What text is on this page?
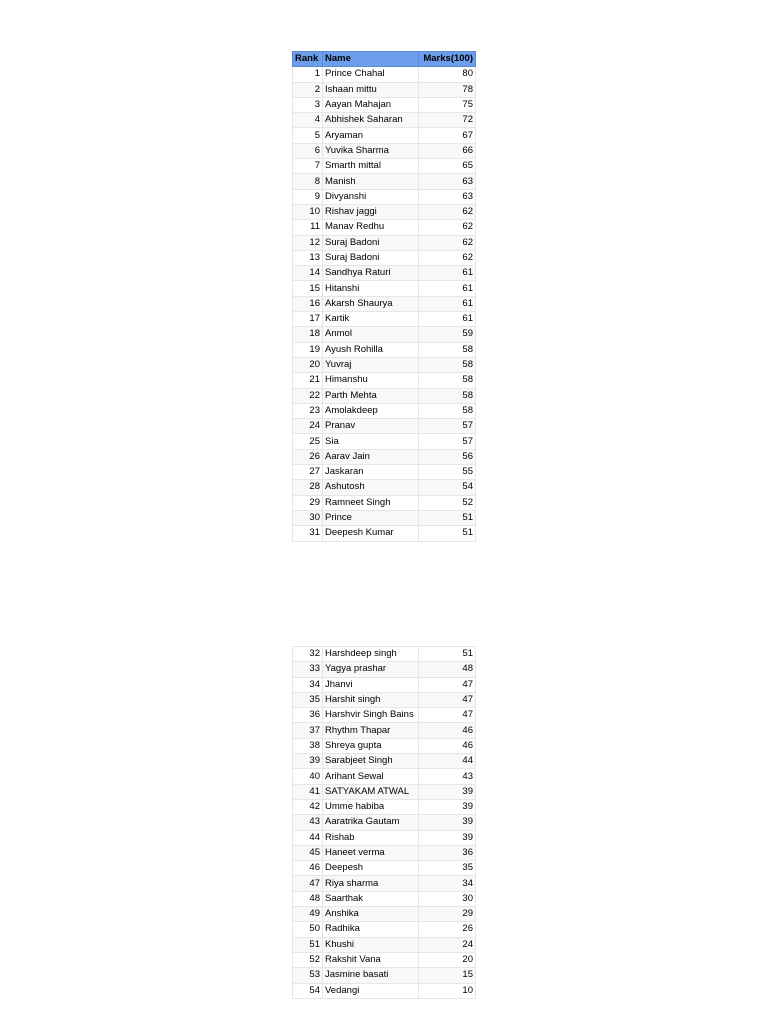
Rank	Name	Marks(100)
1	Prince Chahal	80
2	Ishaan mittu	78
3	Aayan Mahajan	75
4	Abhishek Saharan	72
5	Aryaman	67
6	Yuvika Sharma	66
7	Smarth mittal	65
8	Manish	63
9	Divyanshi	63
10	Rishav jaggi	62
11	Manav Redhu	62
12	Suraj Badoni	62
13	Suraj Badoni	62
14	Sandhya Raturi	61
15	Hitanshi	61
16	Akarsh Shaurya	61
17	Kartik	61
18	Anmol	59
19	Ayush Rohilla	58
20	Yuvraj	58
21	Himanshu	58
22	Parth Mehta	58
23	Amolakdeep	58
24	Pranav	57
25	Sia	57
26	Aarav Jain	56
27	Jaskaran	55
28	Ashutosh	54
29	Ramneet Singh	52
30	Prince	51
31	Deepesh Kumar	51
32	Harshdeep singh	51
33	Yagya prashar	48
34	Jhanvi	47
35	Harshit singh	47
36	Harshvir Singh Bains	47
37	Rhythm Thapar	46
38	Shreya gupta	46
39	Sarabjeet Singh	44
40	Arihant Sewal	43
41	SATYAKAM ATWAL	39
42	Umme habiba	39
43	Aaratrika Gautam	39
44	Rishab	39
45	Haneet verma	36
46	Deepesh	35
47	Riya sharma	34
48	Saarthak	30
49	Anshika	29
50	Radhika	26
51	Khushi	24
52	Rakshit Vana	20
53	Jasmine basati	15
54	Vedangi	10
